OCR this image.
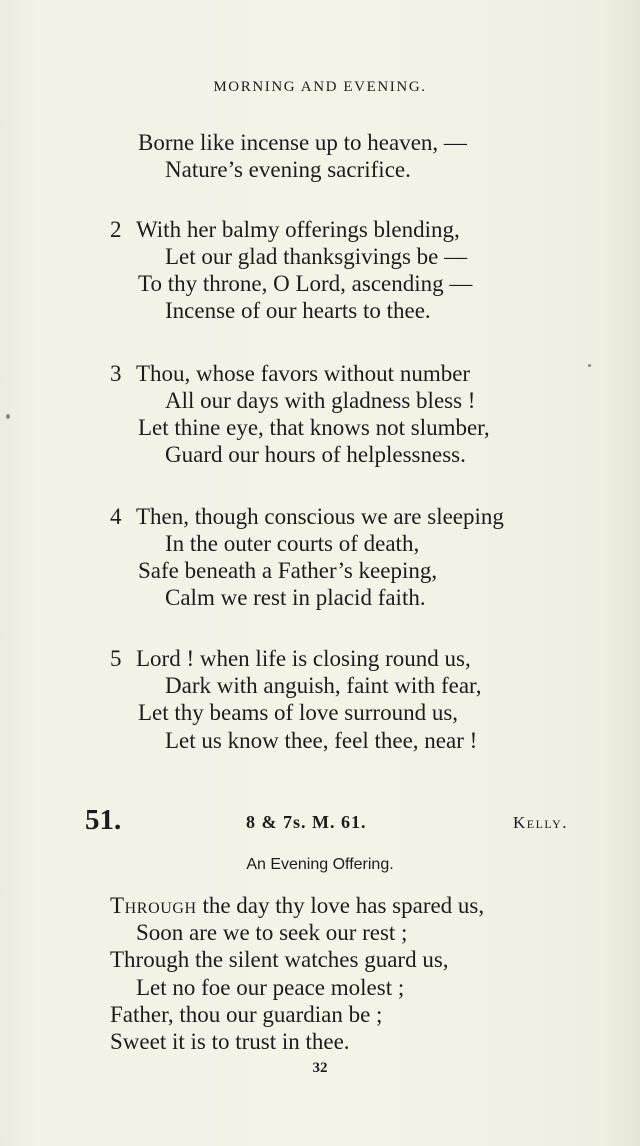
MORNING AND EVENING.
Borne like incense up to heaven, —
Nature’s evening sacrifice.
2 With her balmy offerings blending,
Let our glad thanksgivings be —
To thy throne, O Lord, ascending —
Incense of our hearts to thee.
3 Thou, whose favors without number
All our days with gladness bless !
Let thine eye, that knows not slumber,
Guard our hours of helplessness.
4 Then, though conscious we are sleeping
In the outer courts of death,
Safe beneath a Father’s keeping,
Calm we rest in placid faith.
5 Lord ! when life is closing round us,
Dark with anguish, faint with fear,
Let thy beams of love surround us,
Let us know thee, feel thee, near !
51.	8 & 7s. M. 61.	Kelly.
An Evening Offering.
Through the day thy love has spared us,
Soon are we to seek our rest ;
Through the silent watches guard us,
Let no foe our peace molest ;
Father, thou our guardian be ;
Sweet it is to trust in thee.
32
